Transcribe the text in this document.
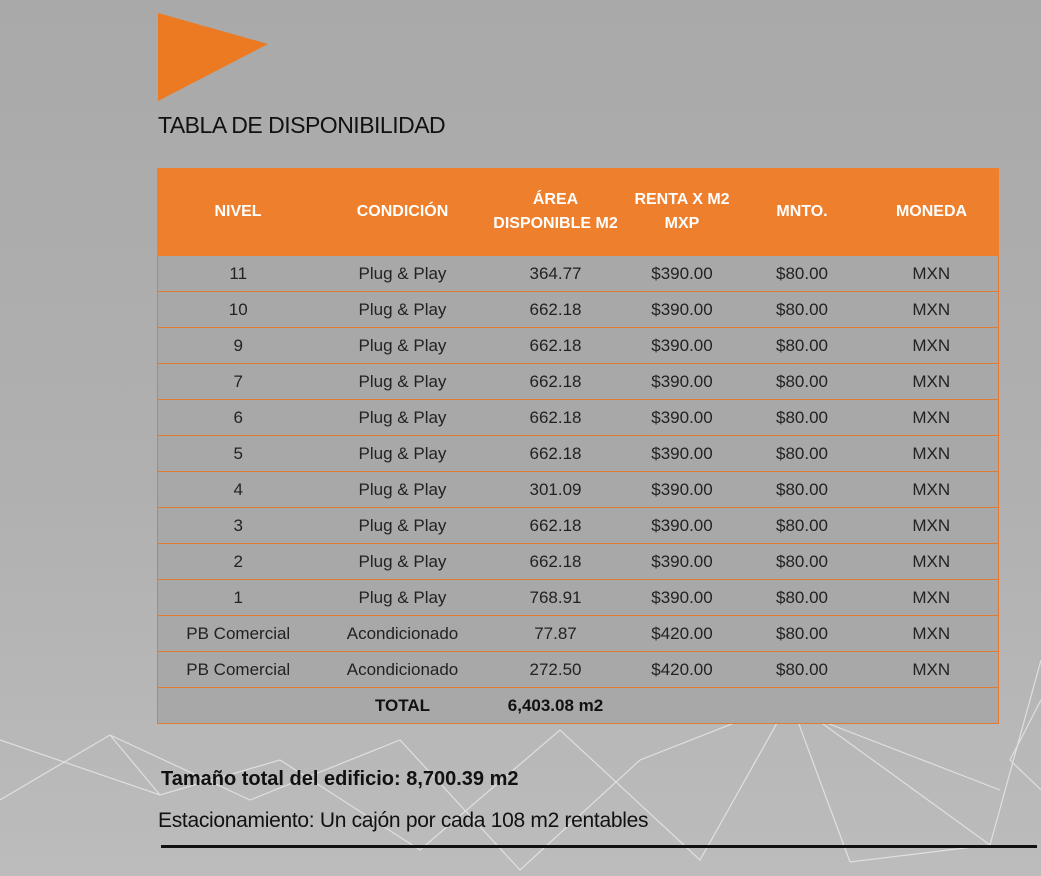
TABLA DE DISPONIBILIDAD
NIVEL	CONDICIÓN	ÁREA DISPONIBLE M2	RENTA X M2 MXP	MNTO.	MONEDA
11	Plug & Play	364.77	$390.00	$80.00	MXN
10	Plug & Play	662.18	$390.00	$80.00	MXN
9	Plug & Play	662.18	$390.00	$80.00	MXN
7	Plug & Play	662.18	$390.00	$80.00	MXN
6	Plug & Play	662.18	$390.00	$80.00	MXN
5	Plug & Play	662.18	$390.00	$80.00	MXN
4	Plug & Play	301.09	$390.00	$80.00	MXN
3	Plug & Play	662.18	$390.00	$80.00	MXN
2	Plug & Play	662.18	$390.00	$80.00	MXN
1	Plug & Play	768.91	$390.00	$80.00	MXN
PB Comercial	Acondicionado	77.87	$420.00	$80.00	MXN
PB Comercial	Acondicionado	272.50	$420.00	$80.00	MXN
	TOTAL	6,403.08 m2			
Tamaño total del edificio: 8,700.39 m2
Estacionamiento: Un cajón por cada 108 m2 rentables
